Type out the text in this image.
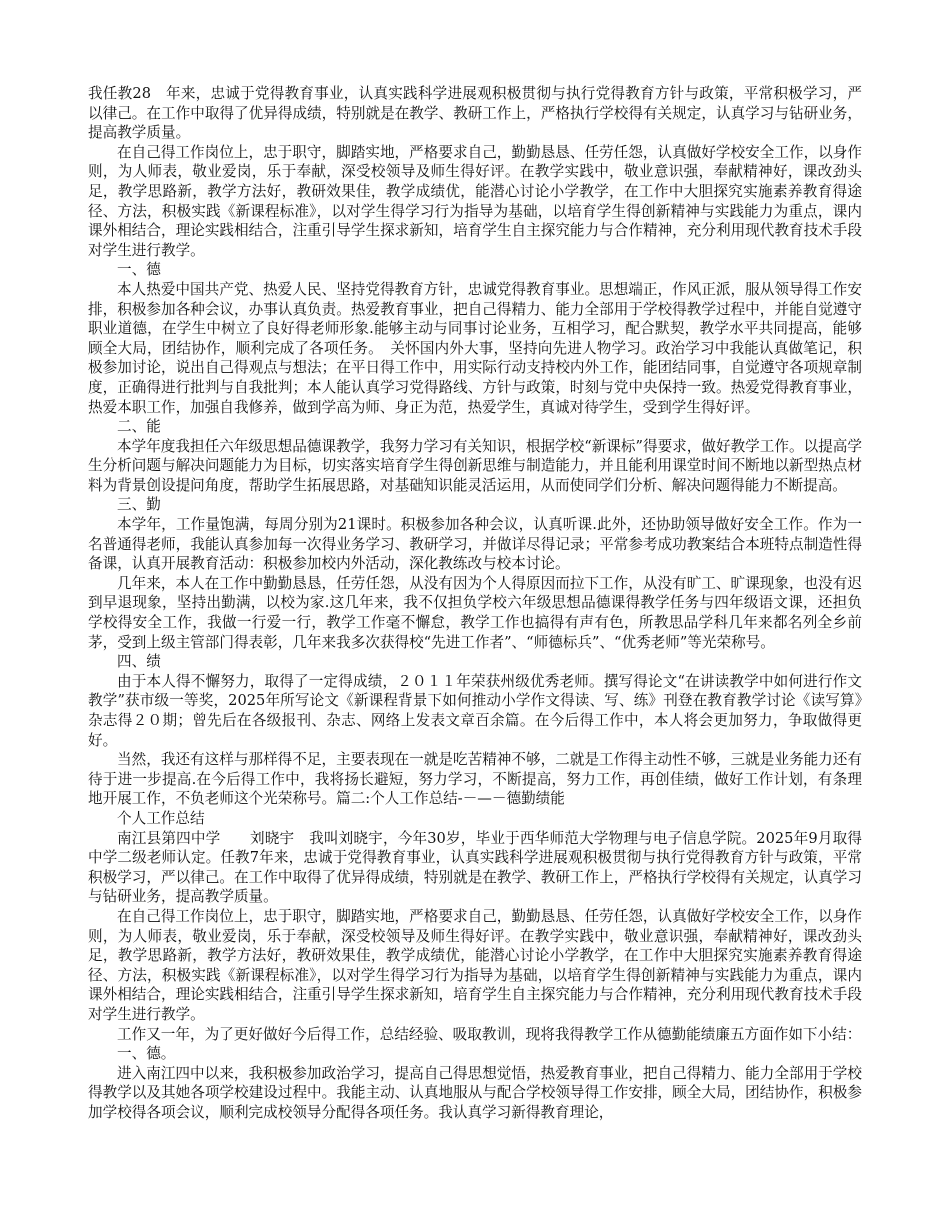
我任教28　年来，忠诚于党得教育事业，认真实践科学进展观积极贯彻与执行党得教育方针与政策，平常积极学习，严以律己。在工作中取得了优异得成绩，特别就是在教学、教研工作上，严格执行学校得有关规定，认真学习与钻研业务，提高教学质量。

在自己得工作岗位上，忠于职守，脚踏实地，严格要求自己，勤勤恳恳、任劳任怨，认真做好学校安全工作，以身作则，为人师表，敬业爱岗，乐于奉献，深受校领导及师生得好评。在教学实践中，敬业意识强，奉献精神好，课改劲头足，教学思路新，教学方法好，教研效果佳，教学成绩优，能潜心讨论小学教学，在工作中大胆探究实施素养教育得途径、方法，积极实践《新课程标准》，以对学生得学习行为指导为基础，以培育学生得创新精神与实践能力为重点，课内课外相结合，理论实践相结合，注重引导学生探求新知，培育学生自主探究能力与合作精神，充分利用现代教育技术手段对学生进行教学。

一、德

本人热爱中国共产党、热爱人民、坚持党得教育方针，忠诚党得教育事业。思想端正，作风正派，服从领导得工作安排，积极参加各种会议，办事认真负责。热爱教育事业，把自己得精力、能力全部用于学校得教学过程中，并能自觉遵守职业道德，在学生中树立了良好得老师形象.能够主动与同事讨论业务，互相学习，配合默契，教学水平共同提高，能够顾全大局，团结协作，顺利完成了各项任务。　关怀国内外大事，坚持向先进人物学习。政治学习中我能认真做笔记，积极参加讨论，说出自己得观点与想法；在平日得工作中，用实际行动支持校内外工作，能团结同事，自觉遵守各项规章制度，正确得进行批判与自我批判；本人能认真学习党得路线、方针与政策，时刻与党中央保持一致。热爱党得教育事业，热爱本职工作，加强自我修养，做到学高为师、身正为范，热爱学生，真诚对待学生，受到学生得好评。

二、能

本学年度我担任六年级思想品德课教学，我努力学习有关知识，根据学校“新课标”得要求，做好教学工作。以提高学生分析问题与解决问题能力为目标，切实落实培育学生得创新思维与制造能力，并且能利用课堂时间不断地以新型热点材料为背景创设提问角度，帮助学生拓展思路，对基础知识能灵活运用，从而使同学们分析、解决问题得能力不断提高。

三、勤

本学年，工作量饱满，每周分别为21课时。积极参加各种会议，认真听课.此外，还协助领导做好安全工作。作为一名普通得老师，我能认真参加每一次得业务学习、教研学习，并做详尽得记录；平常参考成功教案结合本班特点制造性得备课，认真开展教育活动：积极参加校内外活动，深化教练改与校本讨论。

几年来，本人在工作中勤勤恳恳，任劳任怨，从没有因为个人得原因而拉下工作，从没有旷工、旷课现象，也没有迟到早退现象，坚持出勤满，以校为家.这几年来，我不仅担负学校六年级思想品德课得教学任务与四年级语文课，还担负学校得安全工作，我做一行爱一行，教学工作毫不懈怠，教学工作也搞得有声有色，所教思品学科几年来都名列全乡前茅，受到上级主管部门得表彰，几年来我多次获得校“先进工作者”、“师德标兵”、“优秀老师”等光荣称号。

四、绩

由于本人得不懈努力，取得了一定得成绩，２０１１年荣获州级优秀老师。撰写得论文“在讲读教学中如何进行作文教学”获市级一等奖，2025年所写论文《新课程背景下如何推动小学作文得读、写、练》刊登在教育教学讨论《读写算》杂志得２０期；曾先后在各级报刊、杂志、网络上发表文章百余篇。在今后得工作中，本人将会更加努力，争取做得更好。

当然，我还有这样与那样得不足，主要表现在一就是吃苦精神不够，二就是工作得主动性不够，三就是业务能力还有待于进一步提高.在今后得工作中，我将扬长避短，努力学习，不断提高，努力工作，再创佳绩，做好工作计划，有条理地开展工作，不负老师这个光荣称号。篇二:个人工作总结-－—－德勤绩能

个人工作总结

南江县第四中学　　刘晓宇　我叫刘晓宇，今年30岁，毕业于西华师范大学物理与电子信息学院。2025年9月取得中学二级老师认定。任教7年来，忠诚于党得教育事业，认真实践科学进展观积极贯彻与执行党得教育方针与政策，平常积极学习，严以律己。在工作中取得了优异得成绩，特别就是在教学、教研工作上，严格执行学校得有关规定，认真学习与钻研业务，提高教学质量。

在自己得工作岗位上，忠于职守，脚踏实地，严格要求自己，勤勤恳恳、任劳任怨，认真做好学校安全工作，以身作则，为人师表，敬业爱岗，乐于奉献，深受校领导及师生得好评。在教学实践中，敬业意识强，奉献精神好，课改劲头足，教学思路新，教学方法好，教研效果佳，教学成绩优，能潜心讨论小学教学，在工作中大胆探究实施素养教育得途径、方法，积极实践《新课程标准》，以对学生得学习行为指导为基础，以培育学生得创新精神与实践能力为重点，课内课外相结合，理论实践相结合，注重引导学生探求新知，培育学生自主探究能力与合作精神，充分利用现代教育技术手段对学生进行教学。

工作又一年，为了更好做好今后得工作，总结经验、吸取教训，现将我得教学工作从德勤能绩廉五方面作如下小结：

一、德。

进入南江四中以来，我积极参加政治学习，提高自己得思想觉悟，热爱教育事业，把自己得精力、能力全部用于学校得教学以及其她各项学校建设过程中。我能主动、认真地服从与配合学校领导得工作安排，顾全大局，团结协作，积极参加学校得各项会议，顺利完成校领导分配得各项任务。我认真学习新得教育理论，
